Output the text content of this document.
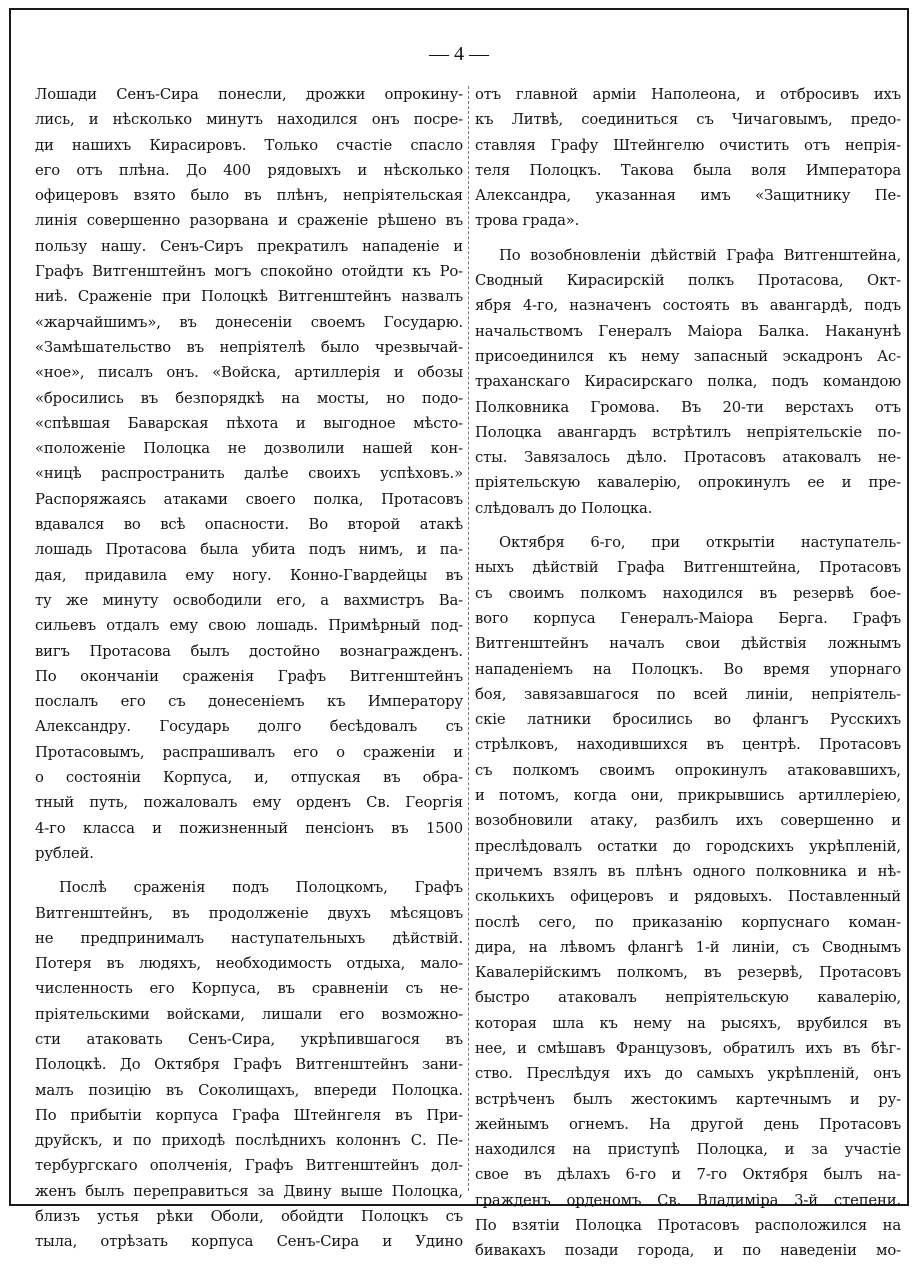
— 4 —
Лошади Сенъ-Сира понесли, дрожки опрокину-
лись, и нѣсколько минутъ находился онъ посре-
ди нашихъ Кирасировъ. Только счастіе спасло
его отъ плѣна. До 400 рядовыхъ и нѣсколько
офицеровъ взято было въ плѣнъ, непріятельская
линія совершенно разорвана и сраженіе рѣшено въ
пользу нашу. Сенъ-Сиръ прекратилъ нападеніе и
Графъ Витгенштейнъ могъ спокойно отойдти къ Ро-
ниѣ. Сраженіе при Полоцкѣ Витгенштейнъ назвалъ
«жарчайшимъ», въ донесеніи своемъ Государю.
«Замѣшательство въ непріятелѣ было чрезвычай-
«ное», писалъ онъ. «Войска, артиллерія и обозы
«бросились въ безпорядкѣ на мосты, но подо-
«спѣвшая Баварская пѣхота и выгодное мѣсто-
«положеніе Полоцка не дозволили нашей кон-
«ницѣ распространить далѣе своихъ успѣховъ.»
Распоряжаясь атаками своего полка, Протасовъ
вдавался во всѣ опасности. Во второй атакѣ
лошадь Протасова была убита подъ нимъ, и па-
дая, придавила ему ногу. Конно-Гвардейцы въ
ту же минуту освободили его, а вахмистръ Ва-
сильевъ отдалъ ему свою лошадь. Примѣрный под-
вигъ Протасова былъ достойно вознагражденъ.
По окончаніи сраженія Графъ Витгенштейнъ
послалъ его съ донесеніемъ къ Императору
Александру. Государь долго бесѣдовалъ съ
Протасовымъ, распрашивалъ его о сраженіи и
о состояніи Корпуса, и, отпуская въ обра-
тный путь, пожаловалъ ему орденъ Св. Георгія
4-го класса и пожизненный пенсіонъ въ 1500
рублей.
Послѣ сраженія подъ Полоцкомъ, Графъ
Витгенштейнъ, въ продолженіе двухъ мѣсяцовъ
не предпринималъ наступательныхъ дѣйствій.
Потеря въ людяхъ, необходимость отдыха, мало-
численность его Корпуса, въ сравненіи съ не-
пріятельскими войсками, лишали его возможно-
сти атаковать Сенъ-Сира, укрѣпившагося въ
Полоцкѣ. До Октября Графъ Витгенштейнъ зани-
малъ позицію въ Соколищахъ, впереди Полоцка.
По прибытіи корпуса Графа Штейнгеля въ При-
друйскъ, и по приходѣ послѣднихъ колоннъ С. Пе-
тербургскаго ополченія, Графъ Витгенштейнъ дол-
женъ былъ переправиться за Двину выше Полоцка,
близъ устья рѣки Оболи, обойдти Полоцкъ съ
тыла, отрѣзать корпуса Сенъ-Сира и Удино
отъ главной арміи Наполеона, и отбросивъ ихъ
къ Литвѣ, соединиться съ Чичаговымъ, предо-
ставляя Графу Штейнгелю очистить отъ непрія-
теля Полоцкъ. Такова была воля Императора
Александра, указанная имъ «Защитнику Пе-
трова града».
По возобновленіи дѣйствій Графа Витгенштейна,
Сводный Кирасирскій полкъ Протасова, Окт-
ября 4-го, назначенъ состоять въ авангардѣ, подъ
начальствомъ Генералъ Маіора Балка. Наканунѣ
присоединился къ нему запасный эскадронъ Ас-
траханскаго Кирасирскаго полка, подъ командою
Полковника Громова. Въ 20-ти верстахъ отъ
Полоцка авангардъ встрѣтилъ непріятельскіе по-
сты. Завязалось дѣло. Протасовъ атаковалъ не-
пріятельскую кавалерію, опрокинулъ ее и пре-
слѣдовалъ до Полоцка.
Октября 6-го, при открытіи наступатель-
ныхъ дѣйствій Графа Витгенштейна, Протасовъ
съ своимъ полкомъ находился въ резервѣ бое-
вого корпуса Генералъ-Маіора Берга. Графъ
Витгенштейнъ началъ свои дѣйствія ложнымъ
нападеніемъ на Полоцкъ. Во время упорнаго
боя, завязавшагося по всей линіи, непріятель-
скіе латники бросились во флангъ Русскихъ
стрѣлковъ, находившихся въ центрѣ. Протасовъ
съ полкомъ своимъ опрокинулъ атаковавшихъ,
и потомъ, когда они, прикрывшись артиллеріею,
возобновили атаку, разбилъ ихъ совершенно и
преслѣдовалъ остатки до городскихъ укрѣпленій,
причемъ взялъ въ плѣнъ одного полковника и нѣ-
сколькихъ офицеровъ и рядовыхъ. Поставленный
послѣ сего, по приказанію корпуснаго коман-
дира, на лѣвомъ флангѣ 1-й линіи, съ Своднымъ
Кавалерійскимъ полкомъ, въ резервѣ, Протасовъ
быстро атаковалъ непріятельскую кавалерію,
которая шла къ нему на рысяхъ, врубился въ
нее, и смѣшавъ Французовъ, обратилъ ихъ въ бѣг-
ство. Преслѣдуя ихъ до самыхъ укрѣпленій, онъ
встрѣченъ былъ жестокимъ картечнымъ и ру-
жейнымъ огнемъ. На другой день Протасовъ
находился на приступѣ Полоцка, и за участіе
свое въ дѣлахъ 6-го и 7-го Октября былъ на-
гражденъ орденомъ Св. Владиміра 3-й степени.
По взятіи Полоцка Протасовъ расположился на
бивакахъ позади города, и по наведеніи мо-
